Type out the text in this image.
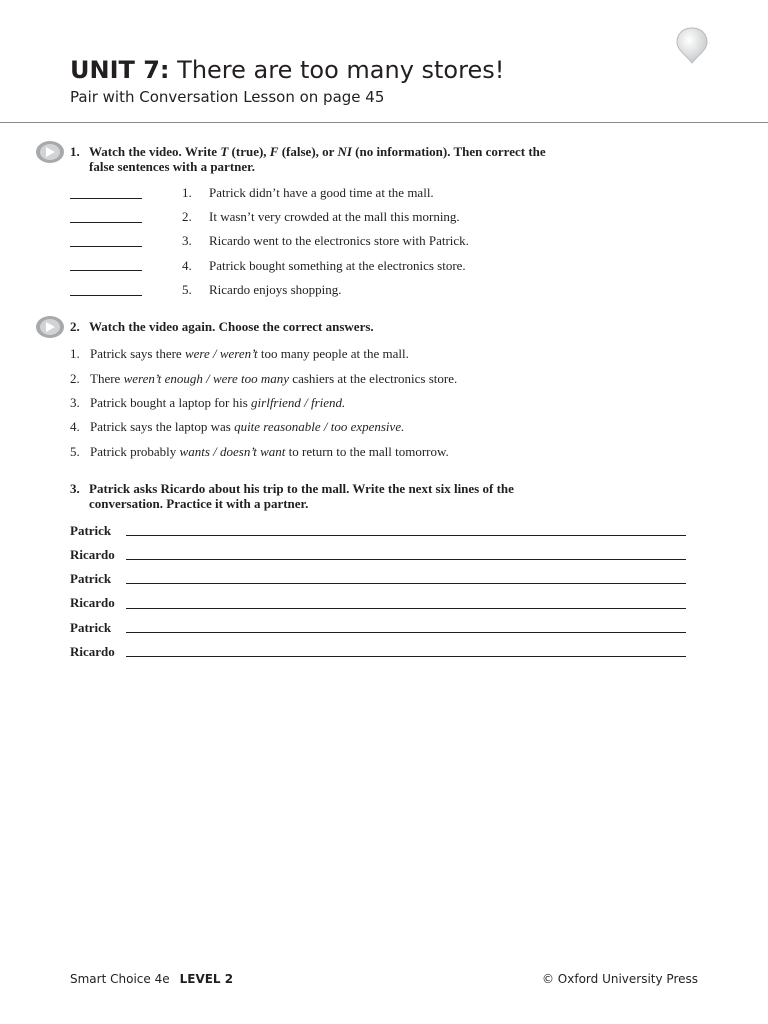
UNIT 7: There are too many stores!
Pair with Conversation Lesson on page 45
1. Watch the video. Write T (true), F (false), or NI (no information). Then correct the false sentences with a partner.
1. Patrick didn’t have a good time at the mall.
2. It wasn’t very crowded at the mall this morning.
3. Ricardo went to the electronics store with Patrick.
4. Patrick bought something at the electronics store.
5. Ricardo enjoys shopping.
2. Watch the video again. Choose the correct answers.
1. Patrick says there were / weren’t too many people at the mall.
2. There weren’t enough / were too many cashiers at the electronics store.
3. Patrick bought a laptop for his girlfriend / friend.
4. Patrick says the laptop was quite reasonable / too expensive.
5. Patrick probably wants / doesn’t want to return to the mall tomorrow.
3. Patrick asks Ricardo about his trip to the mall. Write the next six lines of the conversation. Practice it with a partner.
Patrick
Ricardo
Patrick
Ricardo
Patrick
Ricardo
Smart Choice 4e LEVEL 2	© Oxford University Press
